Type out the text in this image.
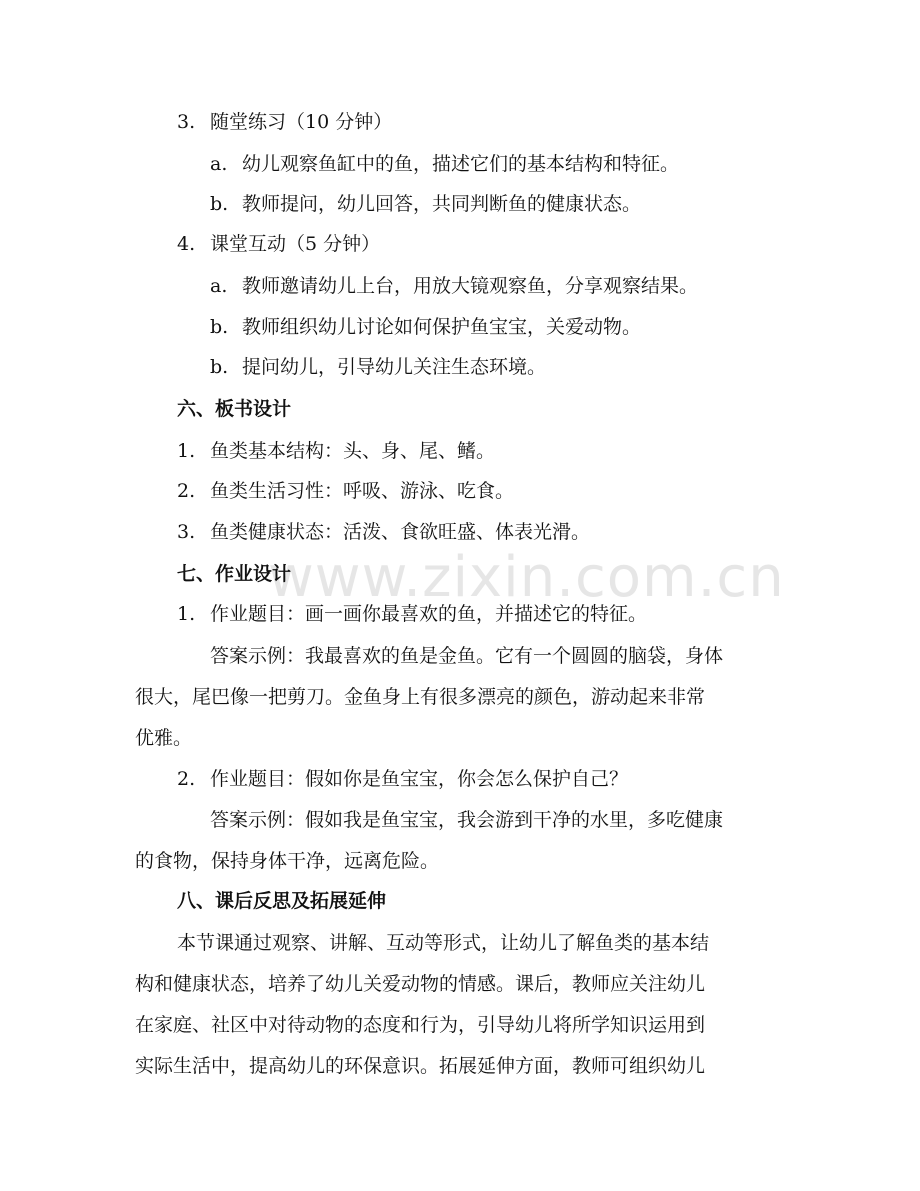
www.zixin.com.cn
3. 随堂练习（10 分钟）
a. 幼儿观察鱼缸中的鱼，描述它们的基本结构和特征。
b. 教师提问，幼儿回答，共同判断鱼的健康状态。
4. 课堂互动（5 分钟）
a. 教师邀请幼儿上台，用放大镜观察鱼，分享观察结果。
b. 教师组织幼儿讨论如何保护鱼宝宝，关爱动物。
b. 提问幼儿，引导幼儿关注生态环境。
六、板书设计
1. 鱼类基本结构：头、身、尾、鳍。
2. 鱼类生活习性：呼吸、游泳、吃食。
3. 鱼类健康状态：活泼、食欲旺盛、体表光滑。
七、作业设计
1. 作业题目：画一画你最喜欢的鱼，并描述它的特征。
答案示例：我最喜欢的鱼是金鱼。它有一个圆圆的脑袋，身体
很大，尾巴像一把剪刀。金鱼身上有很多漂亮的颜色，游动起来非常
优雅。
2. 作业题目：假如你是鱼宝宝，你会怎么保护自己？
答案示例：假如我是鱼宝宝，我会游到干净的水里，多吃健康
的食物，保持身体干净，远离危险。
八、课后反思及拓展延伸
本节课通过观察、讲解、互动等形式，让幼儿了解鱼类的基本结
构和健康状态，培养了幼儿关爱动物的情感。课后，教师应关注幼儿
在家庭、社区中对待动物的态度和行为，引导幼儿将所学知识运用到
实际生活中，提高幼儿的环保意识。拓展延伸方面，教师可组织幼儿
